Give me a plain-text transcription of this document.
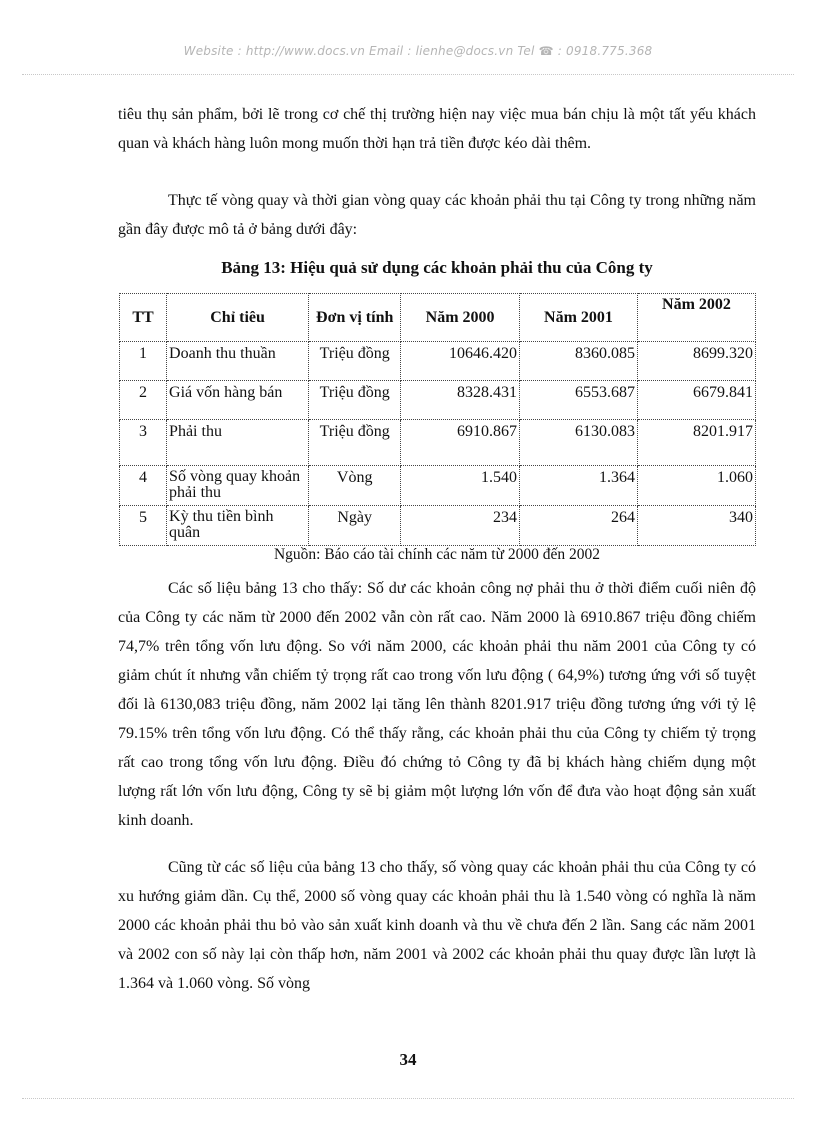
Website : http://www.docs.vn Email : lienhe@docs.vn Tel ☎ : 0918.775.368
tiêu thụ sản phẩm, bởi lẽ trong cơ chế thị trường hiện nay việc mua bán chịu là một tất yếu khách quan và khách hàng luôn mong muốn thời hạn trả tiền được kéo dài thêm.
Thực tế vòng quay và thời gian vòng quay các khoản phải thu tại Công ty trong những năm gần đây được mô tả ở bảng dưới đây:
Bảng 13: Hiệu quả sử dụng các khoản phải thu của Công ty
TT	Chỉ tiêu	Đơn vị tính	Năm 2000	Năm 2001	Năm 2002
1	Doanh thu thuần	Triệu đồng	10646.420	8360.085	8699.320
2	Giá vốn hàng bán	Triệu đồng	8328.431	6553.687	6679.841
3	Phải thu	Triệu đồng	6910.867	6130.083	8201.917
4	Số vòng quay khoản phải thu	Vòng	1.540	1.364	1.060
5	Kỳ thu tiền bình quân	Ngày	234	264	340
Nguồn: Báo cáo tài chính các năm từ 2000 đến 2002
Các số liệu bảng 13 cho thấy: Số dư các khoản công nợ phải thu ở thời điểm cuối niên độ của Công ty các năm từ 2000 đến 2002 vẫn còn rất cao. Năm 2000 là 6910.867 triệu đồng chiếm 74,7% trên tổng vốn lưu động. So với năm 2000, các khoản phải thu năm 2001 của Công ty có giảm chút ít nhưng vẫn chiếm tỷ trọng rất cao trong vốn lưu động ( 64,9%) tương ứng với số tuyệt đối là 6130,083 triệu đồng, năm 2002 lại tăng lên thành 8201.917 triệu đồng tương ứng với tỷ lệ 79.15% trên tổng vốn lưu động. Có thể thấy rằng, các khoản phải thu của Công ty chiếm tỷ trọng rất cao trong tổng vốn lưu động. Điều đó chứng tỏ Công ty đã bị khách hàng chiếm dụng một lượng rất lớn vốn lưu động, Công ty sẽ bị giảm một lượng lớn vốn để đưa vào hoạt động sản xuất kinh doanh.
Cũng từ các số liệu của bảng 13 cho thấy, số vòng quay các khoản phải thu của Công ty có xu hướng giảm dần. Cụ thể, 2000 số vòng quay các khoản phải thu là 1.540 vòng có nghĩa là năm 2000 các khoản phải thu bỏ vào sản xuất kinh doanh và thu về chưa đến 2 lần. Sang các năm 2001 và 2002 con số này lại còn thấp hơn, năm 2001 và 2002 các khoản phải thu quay được lần lượt là 1.364 và 1.060 vòng. Số vòng
34
